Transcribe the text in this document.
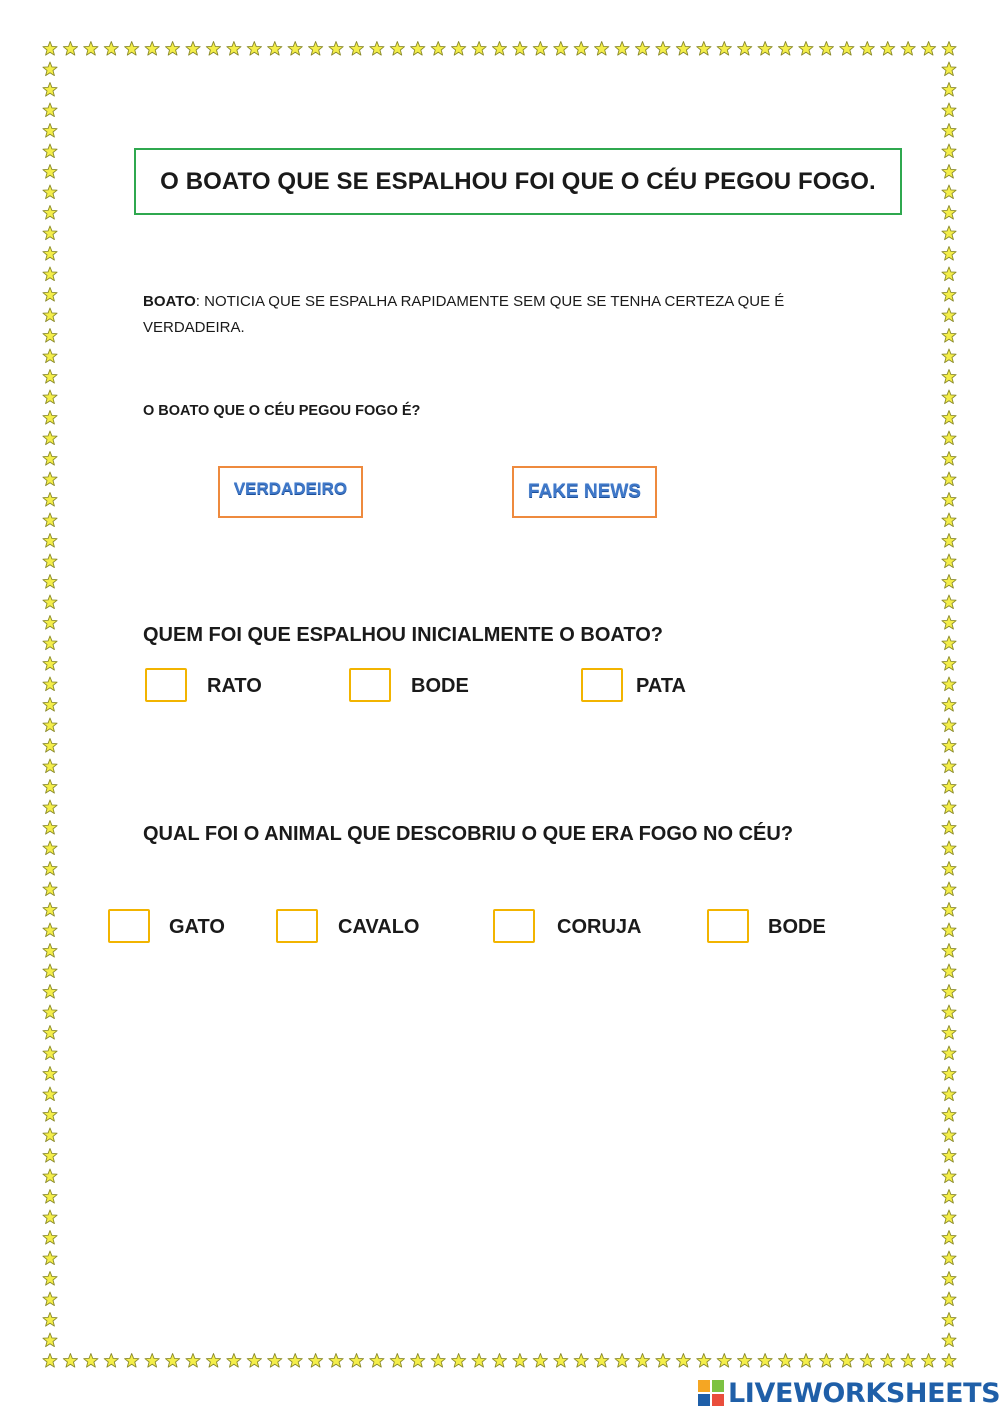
O BOATO QUE SE ESPALHOU FOI QUE O CÉU PEGOU FOGO.
BOATO: NOTICIA QUE SE ESPALHA RAPIDAMENTE SEM QUE SE TENHA CERTEZA QUE É VERDADEIRA.
O BOATO QUE O CÉU PEGOU FOGO É?
VERDADEIRO	FAKE NEWS
QUEM FOI QUE ESPALHOU INICIALMENTE O BOATO?
RATO	BODE	PATA
QUAL FOI O ANIMAL QUE DESCOBRIU O QUE ERA FOGO NO CÉU?
GATO	CAVALO	CORUJA	BODE
LIVEWORKSHEETS
